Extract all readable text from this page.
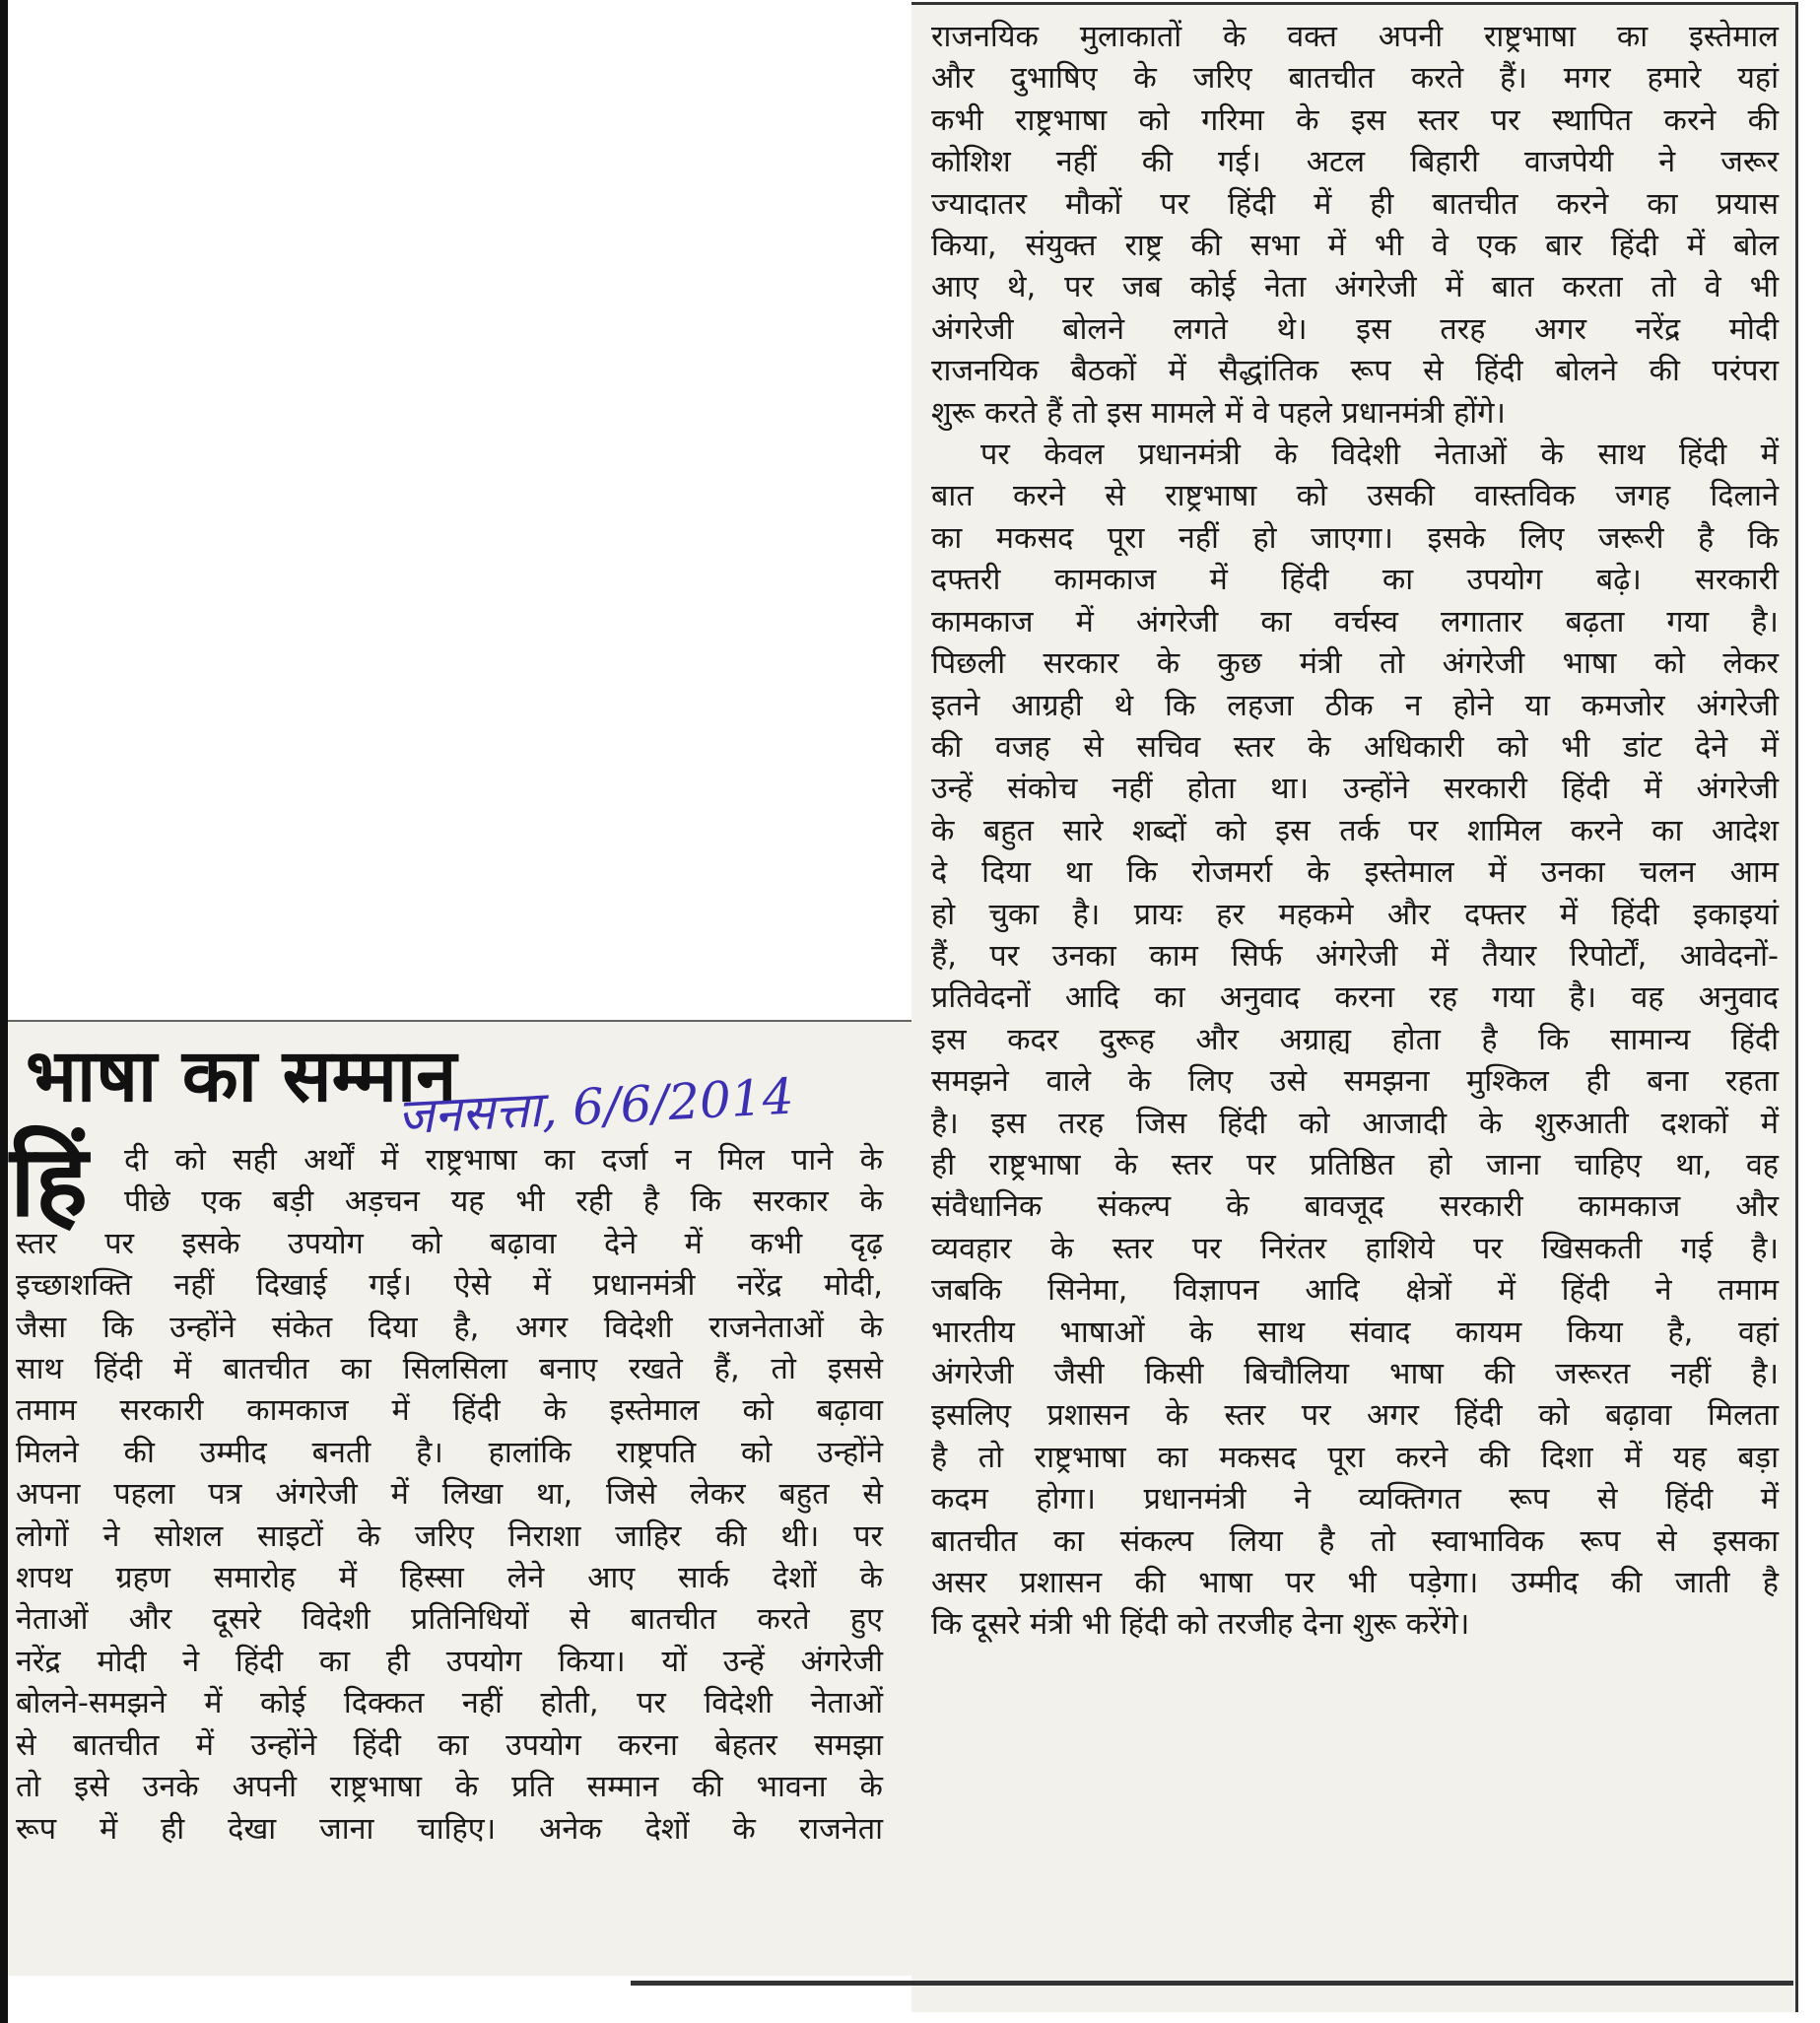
राजनयिक मुलाकातों के वक्त अपनी राष्ट्रभाषा का इस्तेमाल
और दुभाषिए के जरिए बातचीत करते हैं। मगर हमारे यहां
कभी राष्ट्रभाषा को गरिमा के इस स्तर पर स्थापित करने की
कोशिश नहीं की गई। अटल बिहारी वाजपेयी ने जरूर
ज्यादातर मौकों पर हिंदी में ही बातचीत करने का प्रयास
किया, संयुक्त राष्ट्र की सभा में भी वे एक बार हिंदी में बोल
आए थे, पर जब कोई नेता अंगरेजी में बात करता तो वे भी
अंगरेजी बोलने लगते थे। इस तरह अगर नरेंद्र मोदी
राजनयिक बैठकों में सैद्धांतिक रूप से हिंदी बोलने की परंपरा
शुरू करते हैं तो इस मामले में वे पहले प्रधानमंत्री होंगे।
पर केवल प्रधानमंत्री के विदेशी नेताओं के साथ हिंदी में
बात करने से राष्ट्रभाषा को उसकी वास्तविक जगह दिलाने
का मकसद पूरा नहीं हो जाएगा। इसके लिए जरूरी है कि
दफ्तरी कामकाज में हिंदी का उपयोग बढ़े। सरकारी
कामकाज में अंगरेजी का वर्चस्व लगातार बढ़ता गया है।
पिछली सरकार के कुछ मंत्री तो अंगरेजी भाषा को लेकर
इतने आग्रही थे कि लहजा ठीक न होने या कमजोर अंगरेजी
की वजह से सचिव स्तर के अधिकारी को भी डांट देने में
उन्हें संकोच नहीं होता था। उन्होंने सरकारी हिंदी में अंगरेजी
के बहुत सारे शब्दों को इस तर्क पर शामिल करने का आदेश
दे दिया था कि रोजमर्रा के इस्तेमाल में उनका चलन आम
हो चुका है। प्रायः हर महकमे और दफ्तर में हिंदी इकाइयां
हैं, पर उनका काम सिर्फ अंगरेजी में तैयार रिपोर्टों, आवेदनों-
प्रतिवेदनों आदि का अनुवाद करना रह गया है। वह अनुवाद
इस कदर दुरूह और अग्राह्य होता है कि सामान्य हिंदी
समझने वाले के लिए उसे समझना मुश्किल ही बना रहता
है। इस तरह जिस हिंदी को आजादी के शुरुआती दशकों में
ही राष्ट्रभाषा के स्तर पर प्रतिष्ठित हो जाना चाहिए था, वह
संवैधानिक संकल्प के बावजूद सरकारी कामकाज और
व्यवहार के स्तर पर निरंतर हाशिये पर खिसकती गई है।
जबकि सिनेमा, विज्ञापन आदि क्षेत्रों में हिंदी ने तमाम
भारतीय भाषाओं के साथ संवाद कायम किया है, वहां
अंगरेजी जैसी किसी बिचौलिया भाषा की जरूरत नहीं है।
इसलिए प्रशासन के स्तर पर अगर हिंदी को बढ़ावा मिलता
है तो राष्ट्रभाषा का मकसद पूरा करने की दिशा में यह बड़ा
कदम होगा। प्रधानमंत्री ने व्यक्तिगत रूप से हिंदी में
बातचीत का संकल्प लिया है तो स्वाभाविक रूप से इसका
असर प्रशासन की भाषा पर भी पड़ेगा। उम्मीद की जाती है
कि दूसरे मंत्री भी हिंदी को तरजीह देना शुरू करेंगे।
भाषा का सम्मान
जनसत्ता, 6/6/2014
हिं	दी को सही अर्थों में राष्ट्रभाषा का दर्जा न मिल पाने के
पीछे एक बड़ी अड़चन यह भी रही है कि सरकार के
स्तर पर इसके उपयोग को बढ़ावा देने में कभी दृढ़
इच्छाशक्ति नहीं दिखाई गई। ऐसे में प्रधानमंत्री नरेंद्र मोदी,
जैसा कि उन्होंने संकेत दिया है, अगर विदेशी राजनेताओं के
साथ हिंदी में बातचीत का सिलसिला बनाए रखते हैं, तो इससे
तमाम सरकारी कामकाज में हिंदी के इस्तेमाल को बढ़ावा
मिलने की उम्मीद बनती है। हालांकि राष्ट्रपति को उन्होंने
अपना पहला पत्र अंगरेजी में लिखा था, जिसे लेकर बहुत से
लोगों ने सोशल साइटों के जरिए निराशा जाहिर की थी। पर
शपथ ग्रहण समारोह में हिस्सा लेने आए सार्क देशों के
नेताओं और दूसरे विदेशी प्रतिनिधियों से बातचीत करते हुए
नरेंद्र मोदी ने हिंदी का ही उपयोग किया। यों उन्हें अंगरेजी
बोलने-समझने में कोई दिक्कत नहीं होती, पर विदेशी नेताओं
से बातचीत में उन्होंने हिंदी का उपयोग करना बेहतर समझा
तो इसे उनके अपनी राष्ट्रभाषा के प्रति सम्मान की भावना के
रूप में ही देखा जाना चाहिए। अनेक देशों के राजनेता
